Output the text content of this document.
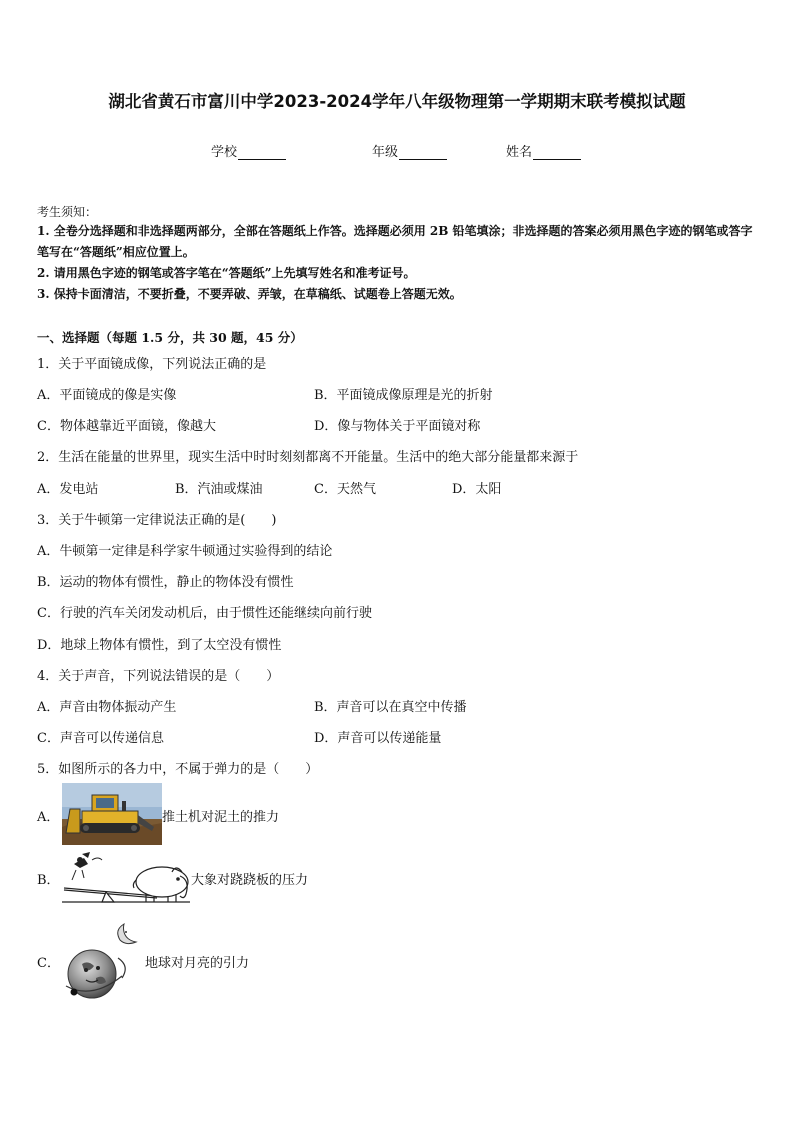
湖北省黄石市富川中学2023-2024学年八年级物理第一学期期末联考模拟试题
学校	年级	姓名
考生须知：
1. 全卷分选择题和非选择题两部分，全部在答题纸上作答。选择题必须用 2B 铅笔填涂；非选择题的答案必须用黑色字迹的钢笔或答字笔写在“答题纸”相应位置上。
2. 请用黑色字迹的钢笔或答字笔在“答题纸”上先填写姓名和准考证号。
3. 保持卡面清洁，不要折叠，不要弄破、弄皱，在草稿纸、试题卷上答题无效。
一、选择题（每题 1.5 分，共 30 题，45 分）
1．关于平面镜成像，下列说法正确的是
A．平面镜成的像是实像	B．平面镜成像原理是光的折射
C．物体越靠近平面镜，像越大	D．像与物体关于平面镜对称
2．生活在能量的世界里，现实生活中时时刻刻都离不开能量。生活中的绝大部分能量都来源于
A．发电站	B．汽油或煤油	C．天然气	D．太阳
3．关于牛顿第一定律说法正确的是(　　)
A．牛顿第一定律是科学家牛顿通过实验得到的结论
B．运动的物体有惯性，静止的物体没有惯性
C．行驶的汽车关闭发动机后，由于惯性还能继续向前行驶
D．地球上物体有惯性，到了太空没有惯性
4．关于声音，下列说法错误的是（　　）
A．声音由物体振动产生	B．声音可以在真空中传播
C．声音可以传递信息	D．声音可以传递能量
5．如图所示的各力中，不属于弹力的是（　　）
A．	推土机对泥土的推力
B．	大象对跷跷板的压力
C．	地球对月亮的引力
